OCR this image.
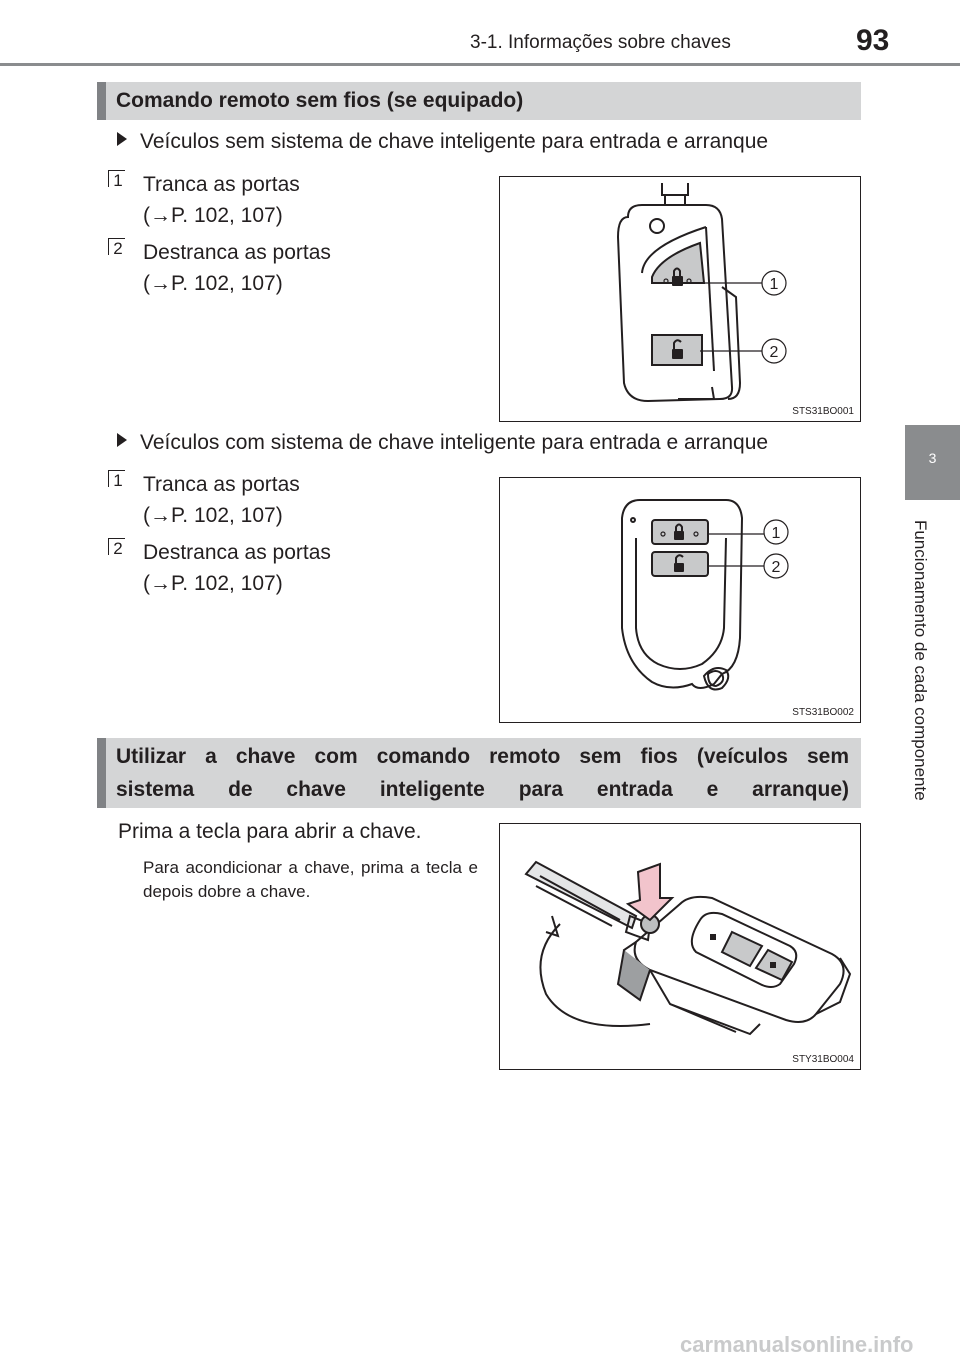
3-1. Informações sobre chaves	93
3
Funcionamento de cada componente
Comando remoto sem fios (se equipado)
Veículos sem sistema de chave inteligente para entrada e arranque
1 Tranca as portas
(→P. 102, 107)
2 Destranca as portas
(→P. 102, 107)	1
2
STS31BO001
Veículos com sistema de chave inteligente para entrada e arranque
1 Tranca as portas
(→P. 102, 107)
2 Destranca as portas
(→P. 102, 107)
1
2
STS31BO002
Utilizar a chave com comando remoto sem fios (veículos sem
sistema de chave inteligente para entrada e arranque)
Prima a tecla para abrir a chave.
Para acondicionar a chave, prima a tecla e depois dobre a chave.
STY31BO004
carmanualsonline.info
